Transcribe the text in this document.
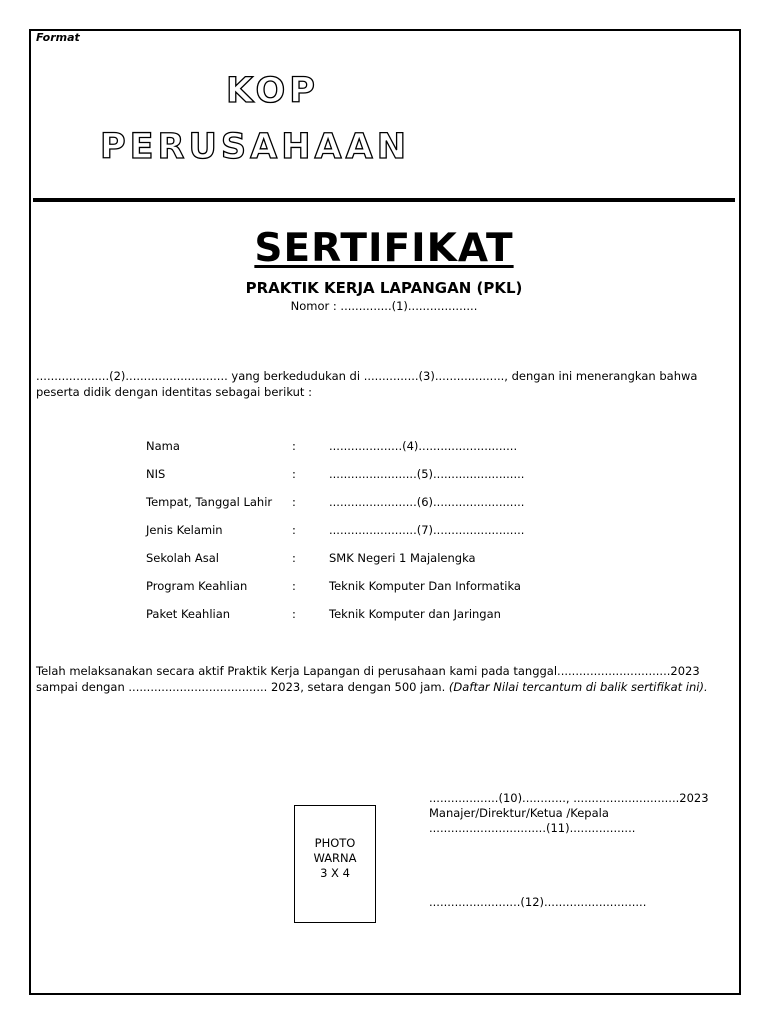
Format
KOP
PERUSAHAAN
SERTIFIKAT
PRAKTIK KERJA LAPANGAN (PKL)
Nomor : ..............(1)...................
....................(2)............................ yang berkedudukan di ...............(3)..................., dengan ini menerangkan bahwa peserta didik dengan identitas sebagai berikut :
Nama	:	....................(4)...........................
NIS	:	........................(5).........................
Tempat, Tanggal Lahir :	........................(6).........................
Jenis Kelamin	:	........................(7).........................
Sekolah Asal	:	SMK Negeri 1 Majalengka
Program Keahlian	:	Teknik Komputer Dan Informatika
Paket Keahlian	:	Teknik Komputer dan Jaringan
Telah melaksanakan secara aktif Praktik Kerja Lapangan di perusahaan kami pada tanggal...............................2023 sampai dengan ...................................... 2023, setara dengan 500 jam. (Daftar Nilai tercantum di balik sertifikat ini).
PHOTO
WARNA
3 X 4
...................(10)............, .............................2023
Manajer/Direktur/Ketua /Kepala
................................(11)..................
.........................(12)............................
